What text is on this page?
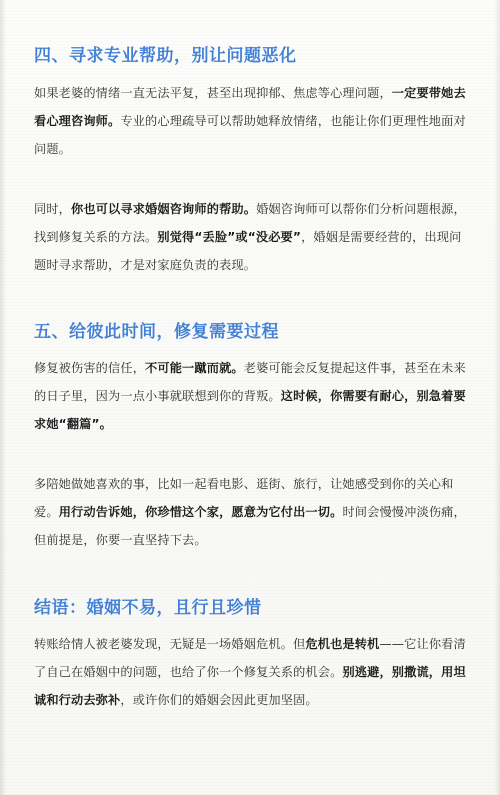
四、寻求专业帮助，别让问题恶化

如果老婆的情绪一直无法平复，甚至出现抑郁、焦虑等心理问题，一定要带她去看心理咨询师。专业的心理疏导可以帮助她释放情绪，也能让你们更理性地面对问题。

同时，你也可以寻求婚姻咨询师的帮助。婚姻咨询师可以帮你们分析问题根源，找到修复关系的方法。别觉得“丢脸”或“没必要”，婚姻是需要经营的，出现问题时寻求帮助，才是对家庭负责的表现。

五、给彼此时间，修复需要过程

修复被伤害的信任，不可能一蹴而就。老婆可能会反复提起这件事，甚至在未来的日子里，因为一点小事就联想到你的背叛。这时候，你需要有耐心，别急着要求她“翻篇”。

多陪她做她喜欢的事，比如一起看电影、逛街、旅行，让她感受到你的关心和爱。用行动告诉她，你珍惜这个家，愿意为它付出一切。时间会慢慢冲淡伤痛，但前提是，你要一直坚持下去。

结语：婚姻不易，且行且珍惜

转账给情人被老婆发现，无疑是一场婚姻危机。但危机也是转机——它让你看清了自己在婚姻中的问题，也给了你一个修复关系的机会。别逃避，别撒谎，用坦诚和行动去弥补，或许你们的婚姻会因此更加坚固。
